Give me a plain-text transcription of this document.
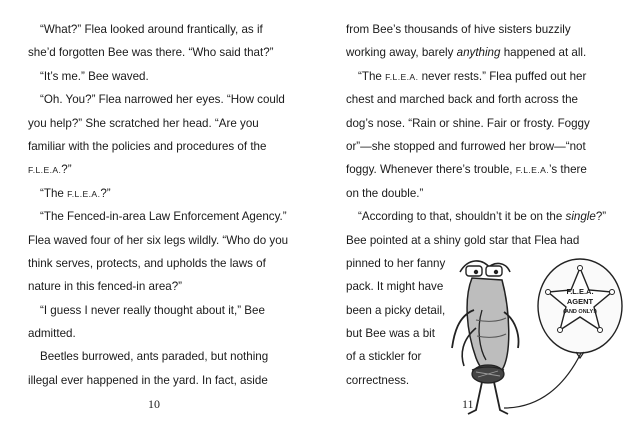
“What?” Flea looked around frantically, as if
she’d forgotten Bee was there. “Who said that?”
“It’s me.” Bee waved.
“Oh. You?” Flea narrowed her eyes. “How could
you help?” She scratched her head. “Are you
familiar with the policies and procedures of the
F.L.E.A.?”
“The F.L.E.A.?”
“The Fenced-in-area Law Enforcement Agency.”
Flea waved four of her six legs wildly. “Who do you
think serves, protects, and upholds the laws of
nature in this fenced-in area?”
“I guess I never really thought about it,” Bee
admitted.
Beetles burrowed, ants paraded, but nothing
illegal ever happened in the yard. In fact, aside
10
from Bee’s thousands of hive sisters buzzily
working away, barely anything happened at all.
“The F.L.E.A. never rests.” Flea puffed out her
chest and marched back and forth across the
dog’s nose. “Rain or shine. Fair or frosty. Foggy
or”—she stopped and furrowed her brow—“not
foggy. Whenever there’s trouble, F.L.E.A.’s there
on the double.”
“According to that, shouldn’t it be on the single?”
Bee pointed at a shiny gold star that Flea had
pinned to her fanny
pack. It might have
been a picky detail,
but Bee was a bit
of a stickler for
correctness.
F.L.E.A.
AGENT
(AND ONLY!)
11
